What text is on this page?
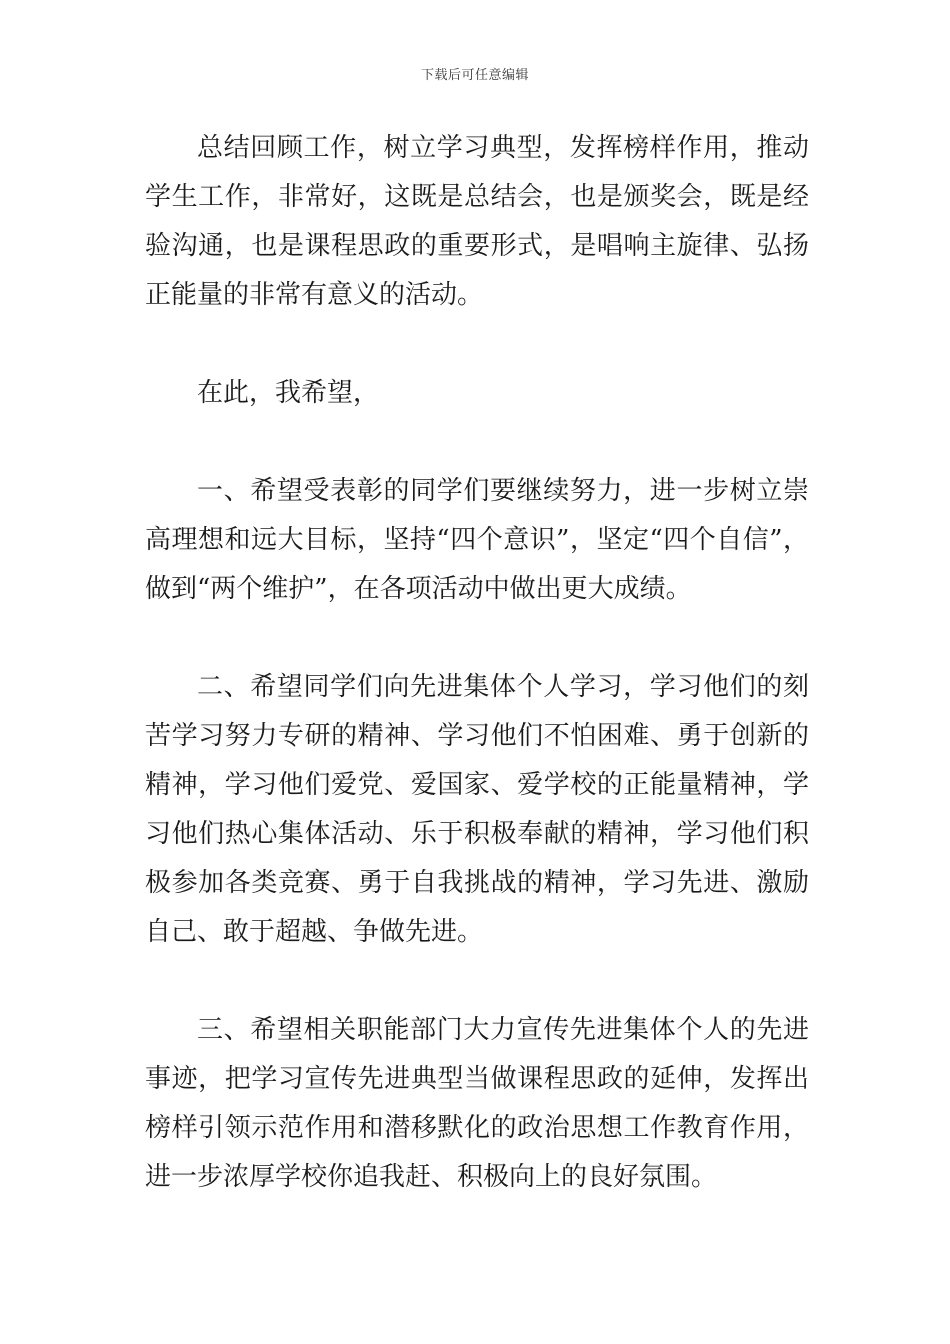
下载后可任意编辑

总结回顾工作，树立学习典型，发挥榜样作用，推动学生工作，非常好，这既是总结会，也是颁奖会，既是经验沟通，也是课程思政的重要形式，是唱响主旋律、弘扬正能量的非常有意义的活动。

在此，我希望，

一、希望受表彰的同学们要继续努力，进一步树立崇高理想和远大目标，坚持“四个意识”，坚定“四个自信”，做到“两个维护”，在各项活动中做出更大成绩。

二、希望同学们向先进集体个人学习，学习他们的刻苦学习努力专研的精神、学习他们不怕困难、勇于创新的精神，学习他们爱党、爱国家、爱学校的正能量精神，学习他们热心集体活动、乐于积极奉献的精神，学习他们积极参加各类竞赛、勇于自我挑战的精神，学习先进、激励自己、敢于超越、争做先进。

三、希望相关职能部门大力宣传先进集体个人的先进事迹，把学习宣传先进典型当做课程思政的延伸，发挥出榜样引领示范作用和潜移默化的政治思想工作教育作用，进一步浓厚学校你追我赶、积极向上的良好氛围。
